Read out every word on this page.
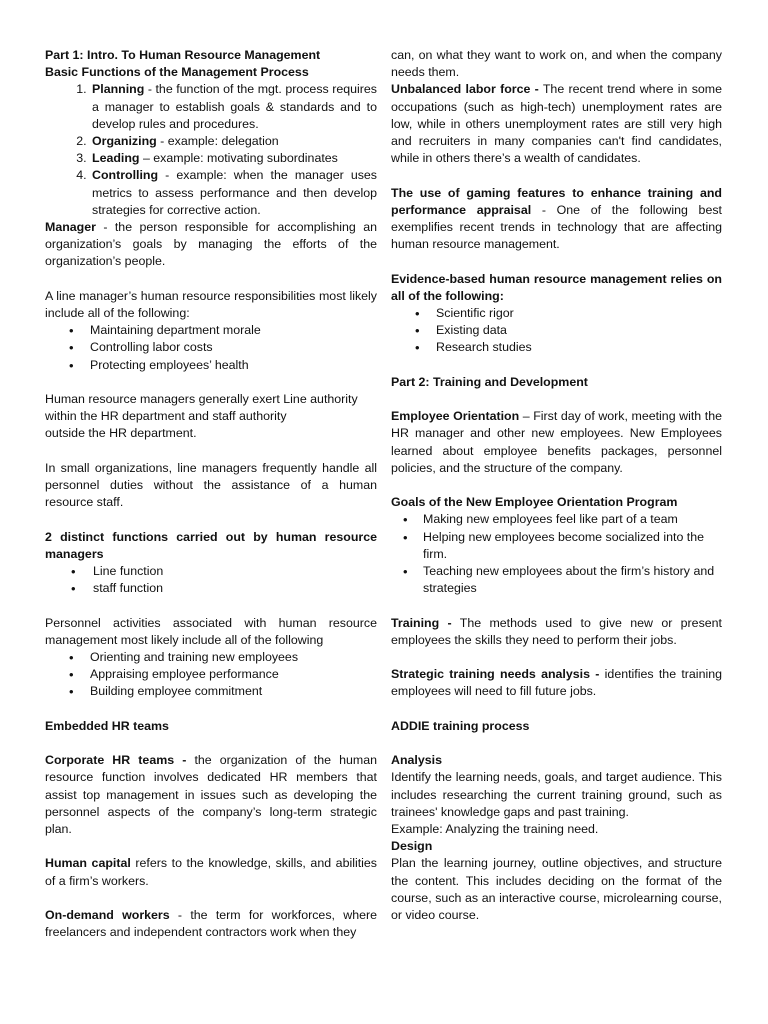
Part 1: Intro. To Human Resource Management

Basic Functions of the Management Process

1. Planning - the function of the mgt. process requires a manager to establish goals & standards and to develop rules and procedures.
2. Organizing - example: delegation
3. Leading – example: motivating subordinates
4. Controlling - example: when the manager uses metrics to assess performance and then develop strategies for corrective action.

Manager - the person responsible for accomplishing an organization’s goals by managing the efforts of the organization’s people.

A line manager’s human resource responsibilities most likely include all of the following:

• Maintaining department morale
• Controlling labor costs
• Protecting employees’ health

Human resource managers generally exert Line authority

within the HR department and staff authority

outside the HR department.

In small organizations, line managers frequently handle all personnel duties without the assistance of a human resource staff.

2 distinct functions carried out by human resource managers

• Line function
• staff function

Personnel activities associated with human resource management most likely include all of the following

• Orienting and training new employees
• Appraising employee performance
• Building employee commitment

Embedded HR teams

Corporate HR teams - the organization of the human resource function involves dedicated HR members that assist top management in issues such as developing the personnel aspects of the company’s long-term strategic plan.

Human capital refers to the knowledge, skills, and abilities of a firm’s workers.

On-demand workers - the term for workforces, where freelancers and independent contractors work when they

can, on what they want to work on, and when the company needs them.

Unbalanced labor force - The recent trend where in some occupations (such as high-tech) unemployment rates are low, while in others unemployment rates are still very high and recruiters in many companies can't find candidates, while in others there’s a wealth of candidates.

The use of gaming features to enhance training and performance appraisal - One of the following best exemplifies recent trends in technology that are affecting human resource management.

Evidence-based human resource management relies on all of the following:

• Scientific rigor
• Existing data
• Research studies

Part 2: Training and Development

Employee Orientation – First day of work, meeting with the HR manager and other new employees. New Employees learned about employee benefits packages, personnel policies, and the structure of the company.

Goals of the New Employee Orientation Program

• Making new employees feel like part of a team
• Helping new employees become socialized into the firm.
• Teaching new employees about the firm’s history and strategies

Training - The methods used to give new or present employees the skills they need to perform their jobs.

Strategic training needs analysis - identifies the training employees will need to fill future jobs.

ADDIE training process

Analysis

Identify the learning needs, goals, and target audience. This includes researching the current training ground, such as trainees' knowledge gaps and past training.

Example: Analyzing the training need.

Design

Plan the learning journey, outline objectives, and structure the content. This includes deciding on the format of the course, such as an interactive course, microlearning course, or video course.
